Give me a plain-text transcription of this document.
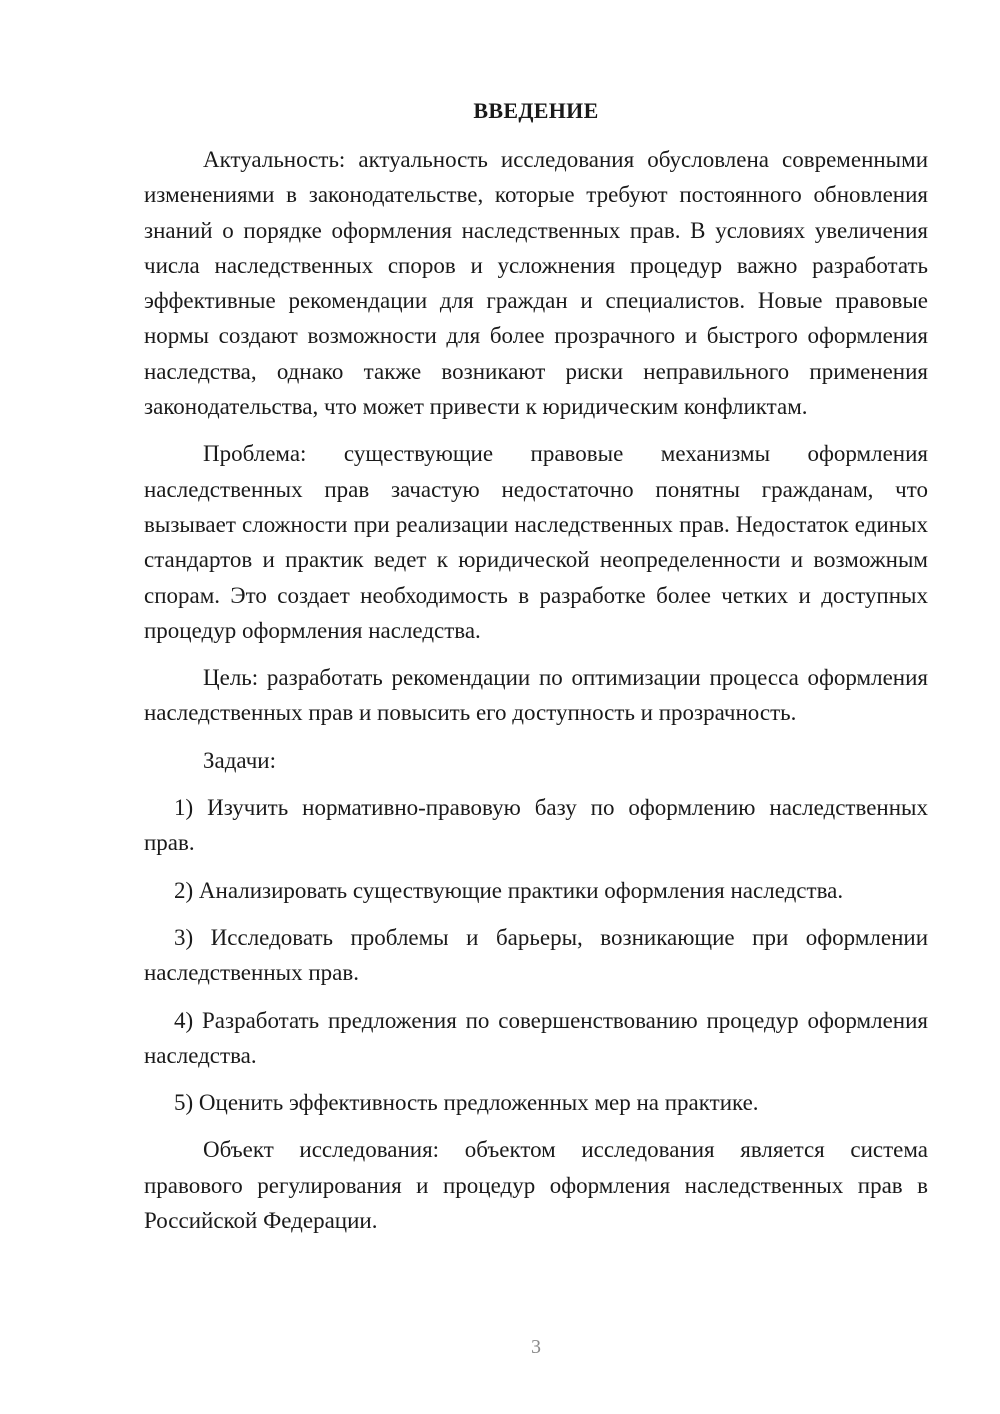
ВВЕДЕНИЕ

Актуальность: актуальность исследования обусловлена современными изменениями в законодательстве, которые требуют постоянного обновления знаний о порядке оформления наследственных прав. В условиях увеличения числа наследственных споров и усложнения процедур важно разработать эффективные рекомендации для граждан и специалистов. Новые правовые нормы создают возможности для более прозрачного и быстрого оформления наследства, однако также возникают риски неправильного применения законодательства, что может привести к юридическим конфликтам.

Проблема: существующие правовые механизмы оформления наследственных прав зачастую недостаточно понятны гражданам, что вызывает сложности при реализации наследственных прав. Недостаток единых стандартов и практик ведет к юридической неопределенности и возможным спорам. Это создает необходимость в разработке более четких и доступных процедур оформления наследства.

Цель: разработать рекомендации по оптимизации процесса оформления наследственных прав и повысить его доступность и прозрачность.

Задачи:

1) Изучить нормативно-правовую базу по оформлению наследственных прав.

2) Анализировать существующие практики оформления наследства.

3) Исследовать проблемы и барьеры, возникающие при оформлении наследственных прав.

4) Разработать предложения по совершенствованию процедур оформления наследства.

5) Оценить эффективность предложенных мер на практике.

Объект исследования: объектом исследования является система правового регулирования и процедур оформления наследственных прав в Российской Федерации.

3
